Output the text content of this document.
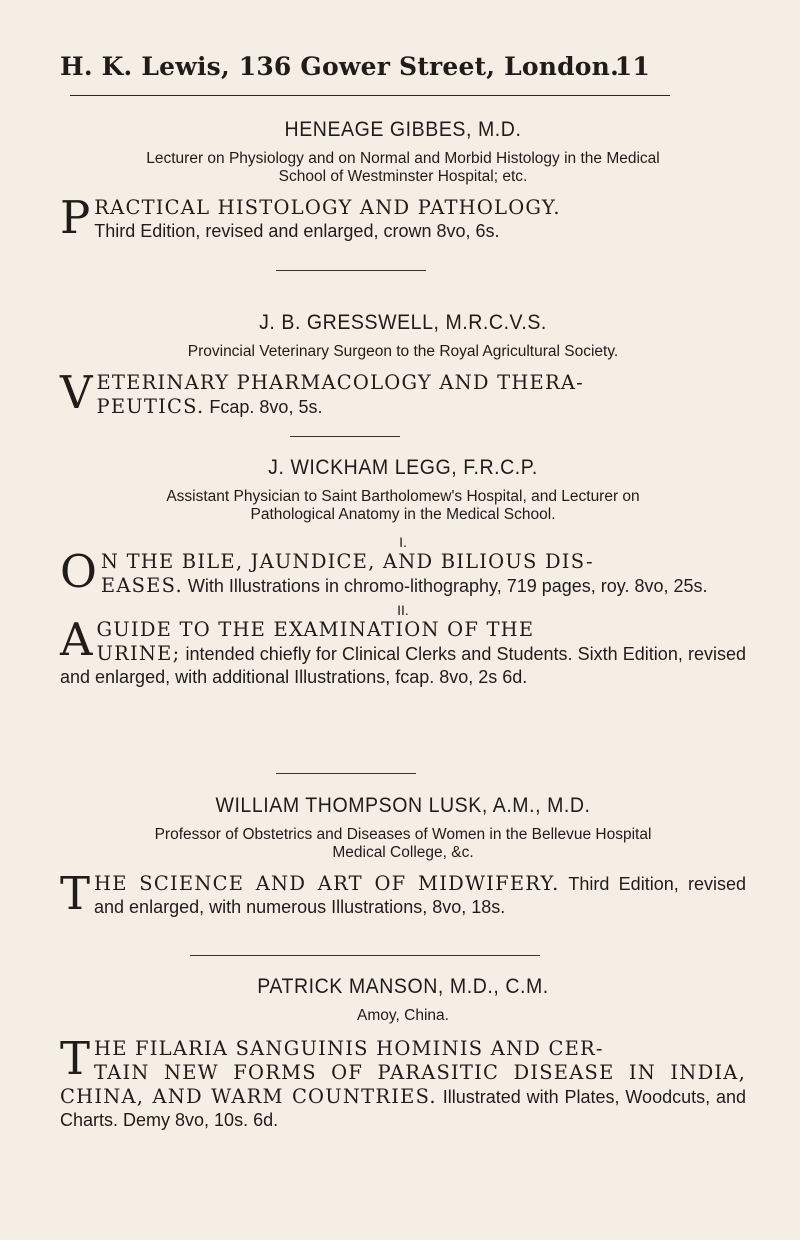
H. K. Lewis, 136 Gower Street, London.
11
HENEAGE GIBBES, M.D.
Lecturer on Physiology and on Normal and Morbid Histology in the Medical
School of Westminster Hospital; etc.
P RACTICAL HISTOLOGY AND PATHOLOGY.
Third Edition, revised and enlarged, crown 8vo, 6s.
J. B. GRESSWELL, M.R.C.V.S.
Provincial Veterinary Surgeon to the Royal Agricultural Society.
V ETERINARY PHARMACOLOGY AND THERA-
PEUTICS. Fcap. 8vo, 5s.
J. WICKHAM LEGG, F.R.C.P.
Assistant Physician to Saint Bartholomew's Hospital, and Lecturer on
Pathological Anatomy in the Medical School.
I.
O N THE BILE, JAUNDICE, AND BILIOUS DIS-
EASES. With Illustrations in chromo-lithography, 719 pages, roy. 8vo, 25s.
II.
A GUIDE TO THE EXAMINATION OF THE
URINE; intended chiefly for Clinical Clerks and Students. Sixth Edition, revised and enlarged, with additional Illustrations, fcap. 8vo, 2s 6d.
WILLIAM THOMPSON LUSK, A.M., M.D.
Professor of Obstetrics and Diseases of Women in the Bellevue Hospital
Medical College, &c.
T HE SCIENCE AND ART OF MIDWIFERY. Third Edition, revised and enlarged, with numerous Illustrations, 8vo, 18s.
PATRICK MANSON, M.D., C.M.
Amoy, China.
T HE FILARIA SANGUINIS HOMINIS AND CER-
TAIN NEW FORMS OF PARASITIC DISEASE IN INDIA, CHINA, AND WARM COUNTRIES. Illustrated with Plates, Woodcuts, and Charts. Demy 8vo, 10s. 6d.
